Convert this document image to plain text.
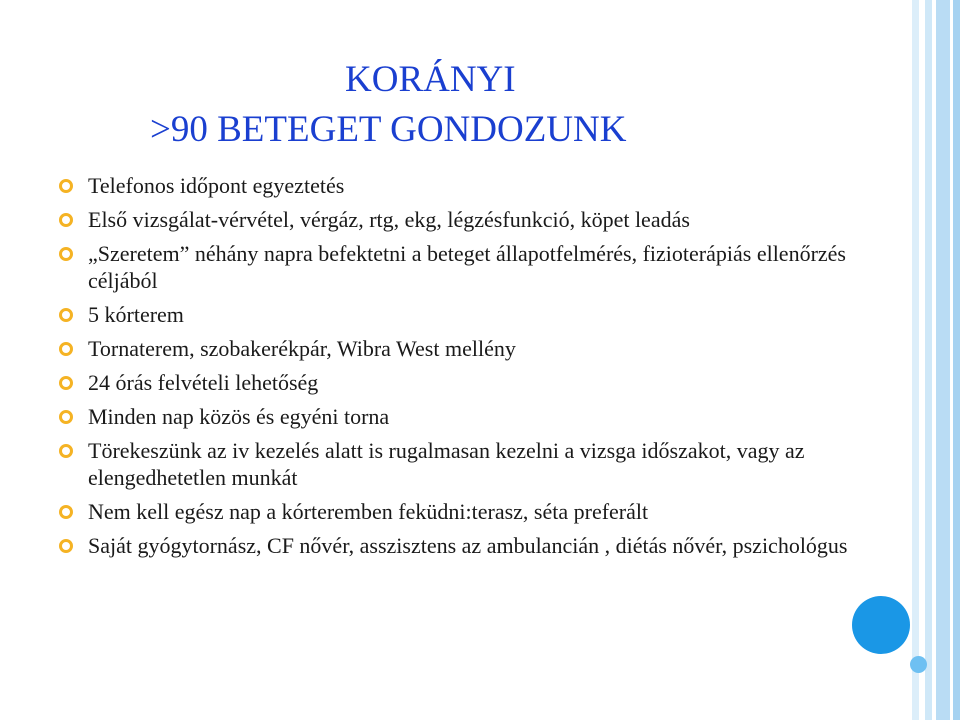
KORÁNYI
>90 BETEGET GONDOZUNK
Telefonos időpont egyeztetés
Első vizsgálat-vérvétel, vérgáz, rtg, ekg, légzésfunkció, köpet leadás
„Szeretem” néhány napra befektetni a beteget állapotfelmérés, fizioterápiás ellenőrzés céljából
5 kórterem
Tornaterem, szobakerékpár, Wibra West mellény
24 órás felvételi lehetőség
Minden nap közös és egyéni torna
Törekeszünk az iv kezelés alatt is rugalmasan kezelni a vizsga időszakot, vagy az elengedhetetlen munkát
Nem kell egész nap a kórteremben feküdni:terasz, séta preferált
Saját gyógytornász, CF nővér, asszisztens az ambulancián , diétás nővér, pszichológus
